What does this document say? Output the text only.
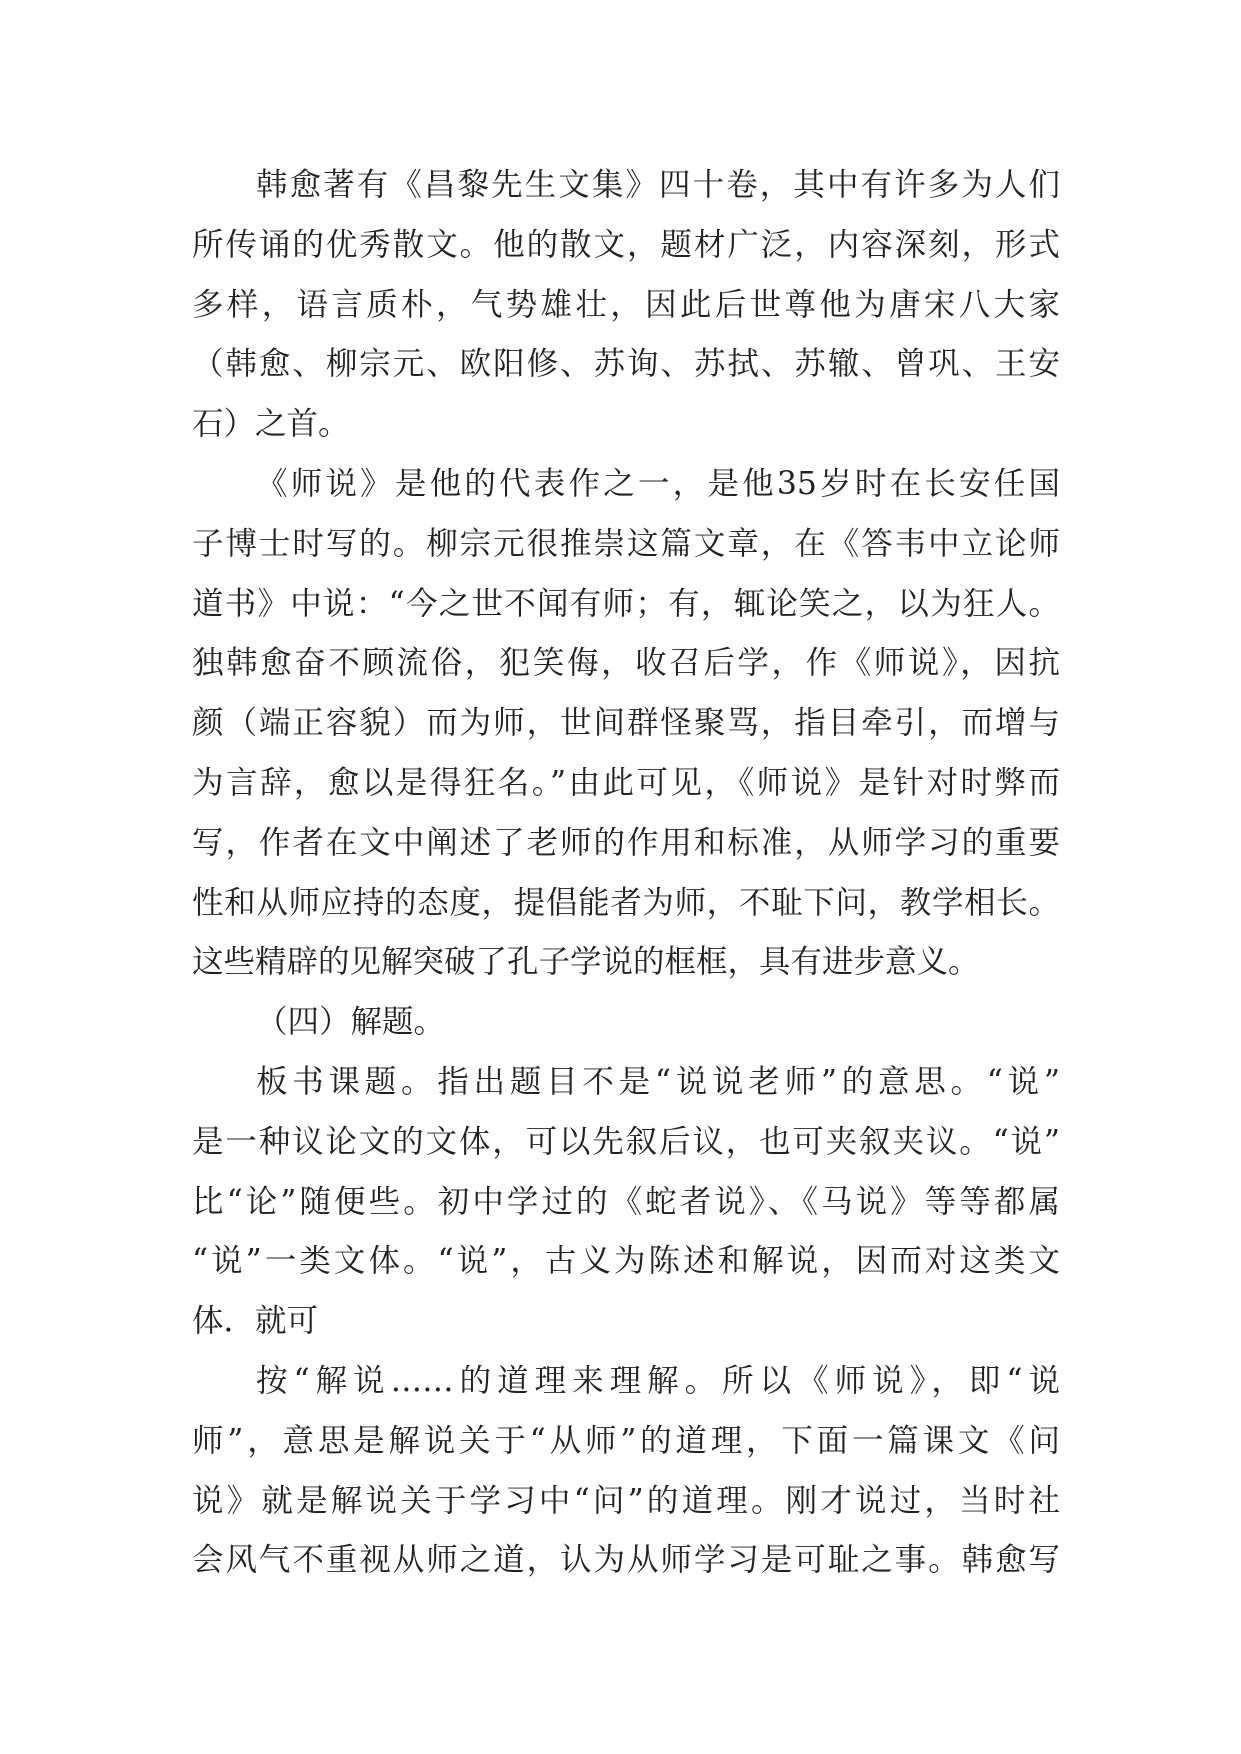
韩愈著有《昌黎先生文集》四十卷，其中有许多为人们
所传诵的优秀散文。他的散文，题材广泛，内容深刻，形式
多样，语言质朴，气势雄壮，因此后世尊他为唐宋八大家
（韩愈、柳宗元、欧阳修、苏询、苏拭、苏辙、曾巩、王安
石）之首。
《师说》是他的代表作之一，是他35岁时在长安任国
子博士时写的。柳宗元很推崇这篇文章，在《答韦中立论师
道书》中说：“今之世不闻有师；有，辄论笑之，以为狂人。
独韩愈奋不顾流俗，犯笑侮，收召后学，作《师说》，因抗
颜（端正容貌）而为师，世间群怪聚骂，指目牵引，而增与
为言辞，愈以是得狂名。”由此可见，《师说》是针对时弊而
写，作者在文中阐述了老师的作用和标准，从师学习的重要
性和从师应持的态度，提倡能者为师，不耻下问，教学相长。
这些精辟的见解突破了孔子学说的框框，具有进步意义。
（四）解题。
板书课题。指出题目不是“说说老师”的意思。“说”
是一种议论文的文体，可以先叙后议，也可夹叙夹议。“说”
比“论”随便些。初中学过的《蛇者说》、《马说》等等都属
“说”一类文体。“说”，古义为陈述和解说，因而对这类文
体．就可
按“解说……的道理来理解。所以《师说》，即“说
师”，意思是解说关于“从师”的道理，下面一篇课文《问
说》就是解说关于学习中“问”的道理。刚才说过，当时社
会风气不重视从师之道，认为从师学习是可耻之事。韩愈写
